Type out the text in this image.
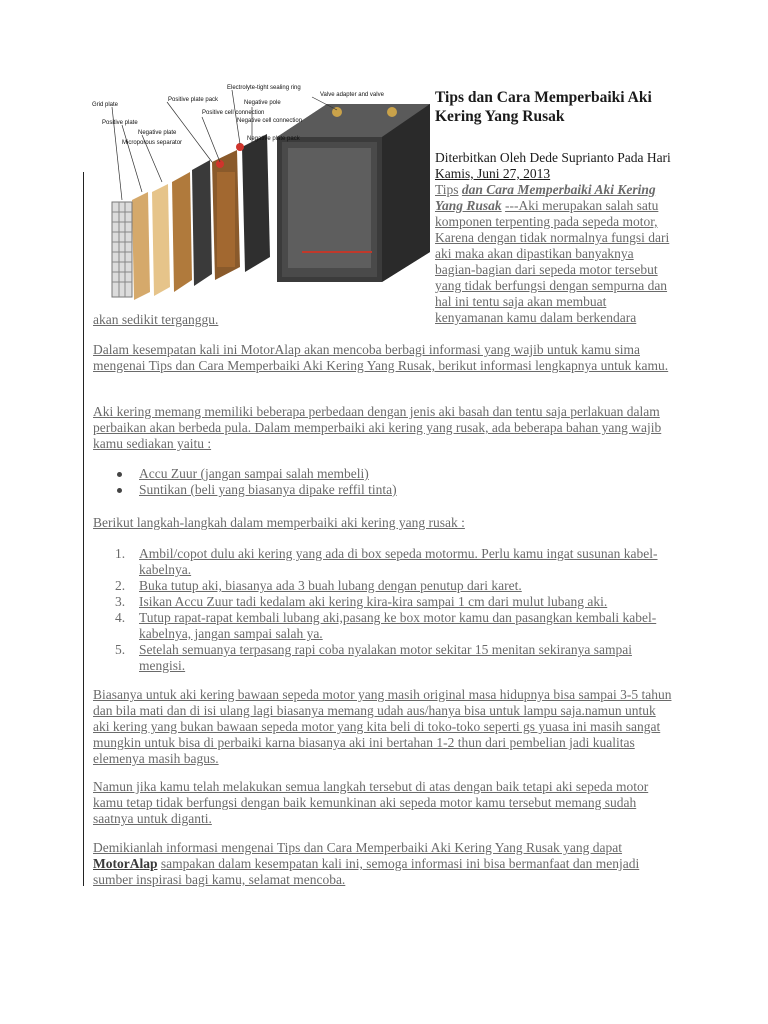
Grid plate
Positive plate
Negative plate
Microporous separator
Positive plate pack
Positive cell connection
Electrolyte-tight sealing ring
Negative pole
Negative cell connection
Negative plate pack
Valve adapter and valve	Tips dan Cara Memperbaiki Aki Kering Yang Rusak
Diterbitkan Oleh Dede Suprianto Pada Hari Kamis, Juni 27, 2013
Tips dan Cara Memperbaiki Aki Kering Yang Rusak ---Aki merupakan salah satu komponen terpenting pada sepeda motor, Karena dengan tidak normalnya fungsi dari aki maka akan dipastikan banyaknya bagian-bagian dari sepeda motor tersebut yang tidak berfungsi dengan sempurna dan hal ini tentu saja akan membuat kenyamanan kamu dalam berkendara

akan sedikit terganggu.

Dalam kesempatan kali ini MotorAlap akan mencoba berbagi informasi yang wajib untuk kamu sima mengenai Tips dan Cara Memperbaiki Aki Kering Yang Rusak, berikut informasi lengkapnya untuk kamu.

Aki kering memang memiliki beberapa perbedaan dengan jenis aki basah dan tentu saja perlakuan dalam perbaikan akan berbeda pula. Dalam memperbaiki aki kering yang rusak, ada beberapa bahan yang wajib kamu sediakan yaitu :

Accu Zuur (jangan sampai salah membeli)
Suntikan (beli yang biasanya dipake reffil tinta)

Berikut langkah-langkah dalam memperbaiki aki kering yang rusak :

1. Ambil/copot dulu aki kering yang ada di box sepeda motormu. Perlu kamu ingat susunan kabel-kabelnya.
2. Buka tutup aki, biasanya ada 3 buah lubang dengan penutup dari karet.
3. Isikan Accu Zuur tadi kedalam aki kering kira-kira sampai 1 cm dari mulut lubang aki.
4. Tutup rapat-rapat kembali lubang aki,pasang ke box motor kamu dan pasangkan kembali kabel-kabelnya, jangan sampai salah ya.
5. Setelah semuanya terpasang rapi coba nyalakan motor sekitar 15 menitan sekiranya sampai mengisi.

Biasanya untuk aki kering bawaan sepeda motor yang masih original masa hidupnya bisa sampai 3-5 tahun dan bila mati dan di isi ulang lagi biasanya memang udah aus/hanya bisa untuk lampu saja.namun untuk aki kering yang bukan bawaan sepeda motor yang kita beli di toko-toko seperti gs yuasa ini masih sangat mungkin untuk bisa di perbaiki karna biasanya aki ini bertahan 1-2 thun dari pembelian jadi kualitas elemenya masih bagus.

Namun jika kamu telah melakukan semua langkah tersebut di atas dengan baik tetapi aki sepeda motor kamu tetap tidak berfungsi dengan baik kemunkinan aki sepeda motor kamu tersebut memang sudah saatnya untuk diganti.

Demikianlah informasi mengenai Tips dan Cara Memperbaiki Aki Kering Yang Rusak yang dapat MotorAlap sampakan dalam kesempatan kali ini, semoga informasi ini bisa bermanfaat dan menjadi sumber inspirasi bagi kamu, selamat mencoba.
